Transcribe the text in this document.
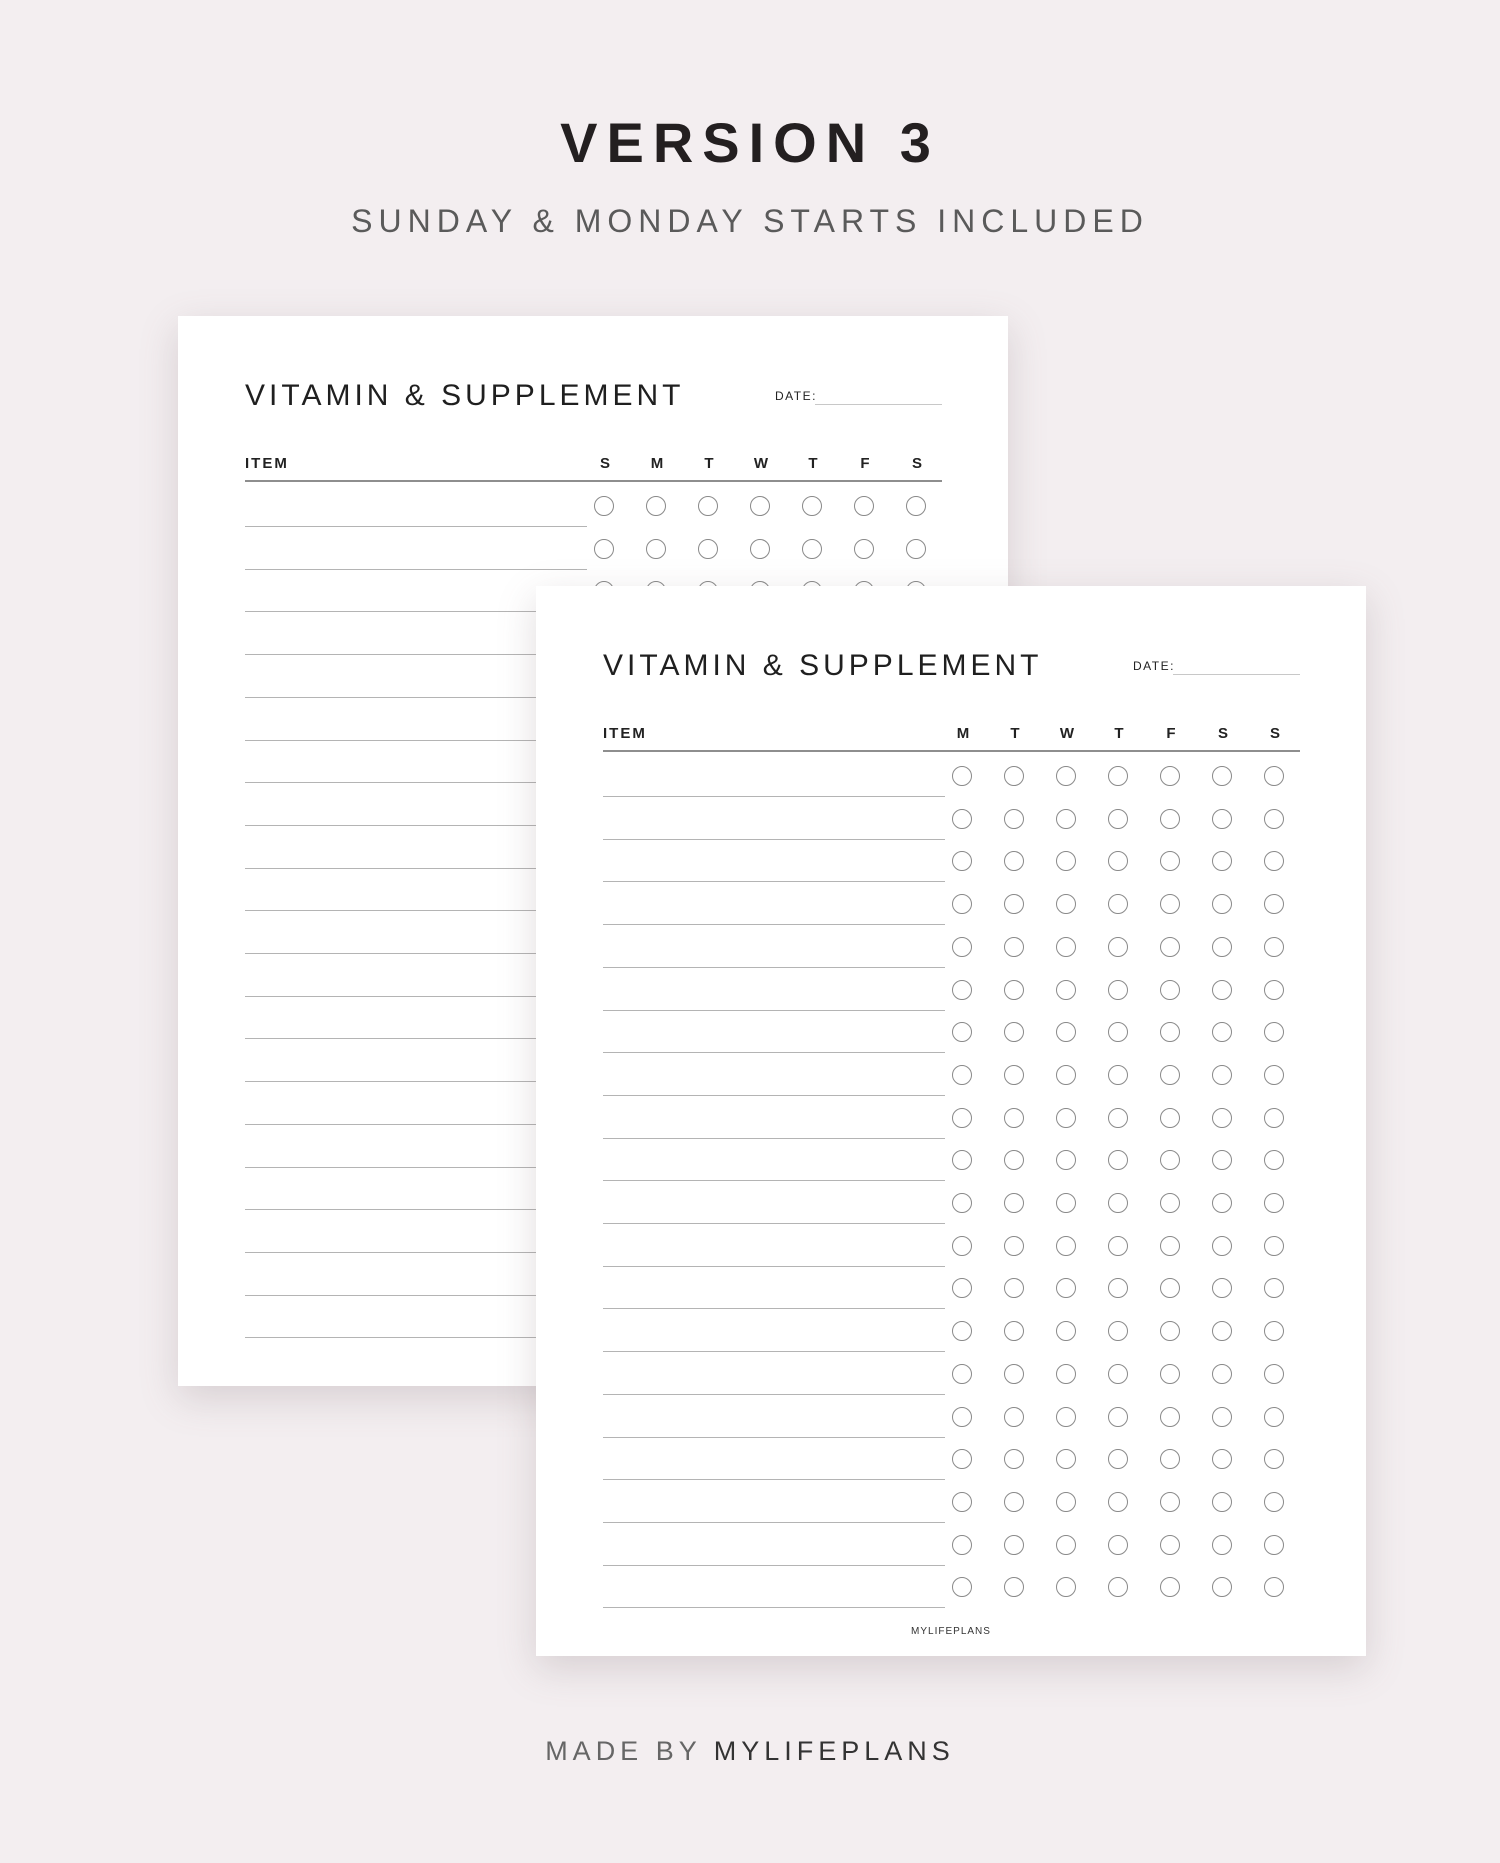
VERSION 3
SUNDAY & MONDAY STARTS INCLUDED
VITAMIN & SUPPLEMENT	DATE:
ITEM	S	M	T	W	T	F	S
VITAMIN & SUPPLEMENT	DATE:
ITEM	M	T	W	T	F	S	S
MYLIFEPLANS
MADE BY MYLIFEPLANS
